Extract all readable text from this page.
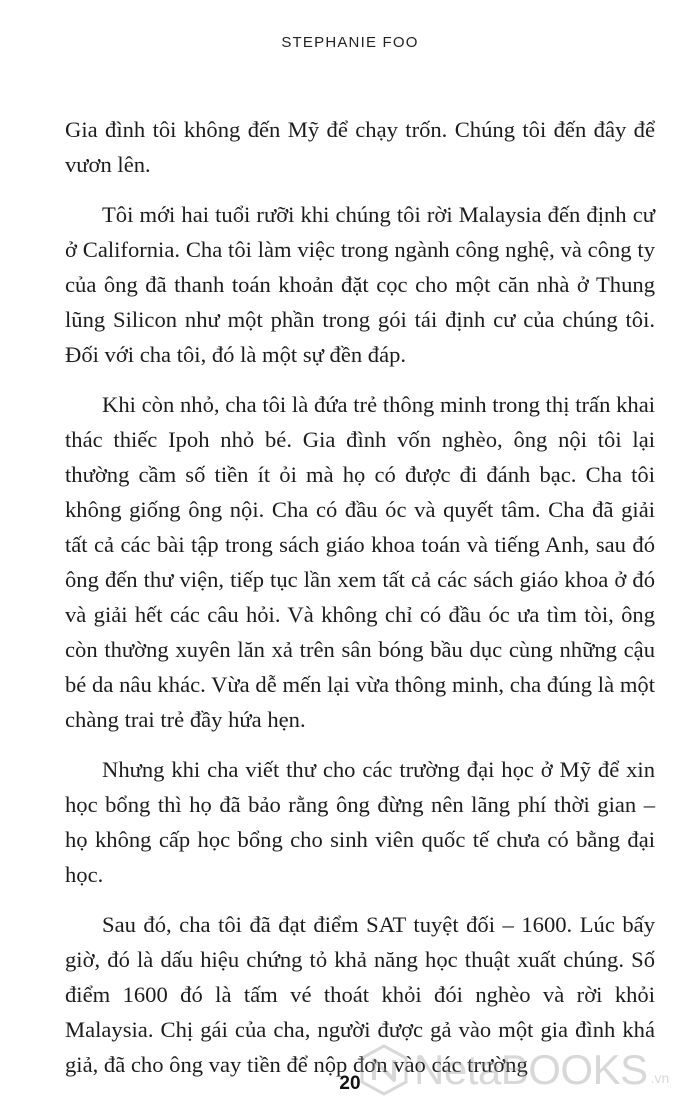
STEPHANIE FOO

Gia đình tôi không đến Mỹ để chạy trốn. Chúng tôi đến đây để vươn lên.

Tôi mới hai tuổi rưỡi khi chúng tôi rời Malaysia đến định cư ở California. Cha tôi làm việc trong ngành công nghệ, và công ty của ông đã thanh toán khoản đặt cọc cho một căn nhà ở Thung lũng Silicon như một phần trong gói tái định cư của chúng tôi. Đối với cha tôi, đó là một sự đền đáp.

Khi còn nhỏ, cha tôi là đứa trẻ thông minh trong thị trấn khai thác thiếc Ipoh nhỏ bé. Gia đình vốn nghèo, ông nội tôi lại thường cầm số tiền ít ỏi mà họ có được đi đánh bạc. Cha tôi không giống ông nội. Cha có đầu óc và quyết tâm. Cha đã giải tất cả các bài tập trong sách giáo khoa toán và tiếng Anh, sau đó ông đến thư viện, tiếp tục lần xem tất cả các sách giáo khoa ở đó và giải hết các câu hỏi. Và không chỉ có đầu óc ưa tìm tòi, ông còn thường xuyên lăn xả trên sân bóng bầu dục cùng những cậu bé da nâu khác. Vừa dễ mến lại vừa thông minh, cha đúng là một chàng trai trẻ đầy hứa hẹn.

Nhưng khi cha viết thư cho các trường đại học ở Mỹ để xin học bổng thì họ đã bảo rằng ông đừng nên lãng phí thời gian – họ không cấp học bổng cho sinh viên quốc tế chưa có bằng đại học.

Sau đó, cha tôi đã đạt điểm SAT tuyệt đối – 1600. Lúc bấy giờ, đó là dấu hiệu chứng tỏ khả năng học thuật xuất chúng. Số điểm 1600 đó là tấm vé thoát khỏi đói nghèo và rời khỏi Malaysia. Chị gái của cha, người được gả vào một gia đình khá giả, đã cho ông vay tiền để nộp đơn vào các trường

NetaBOOKS .vn
20
